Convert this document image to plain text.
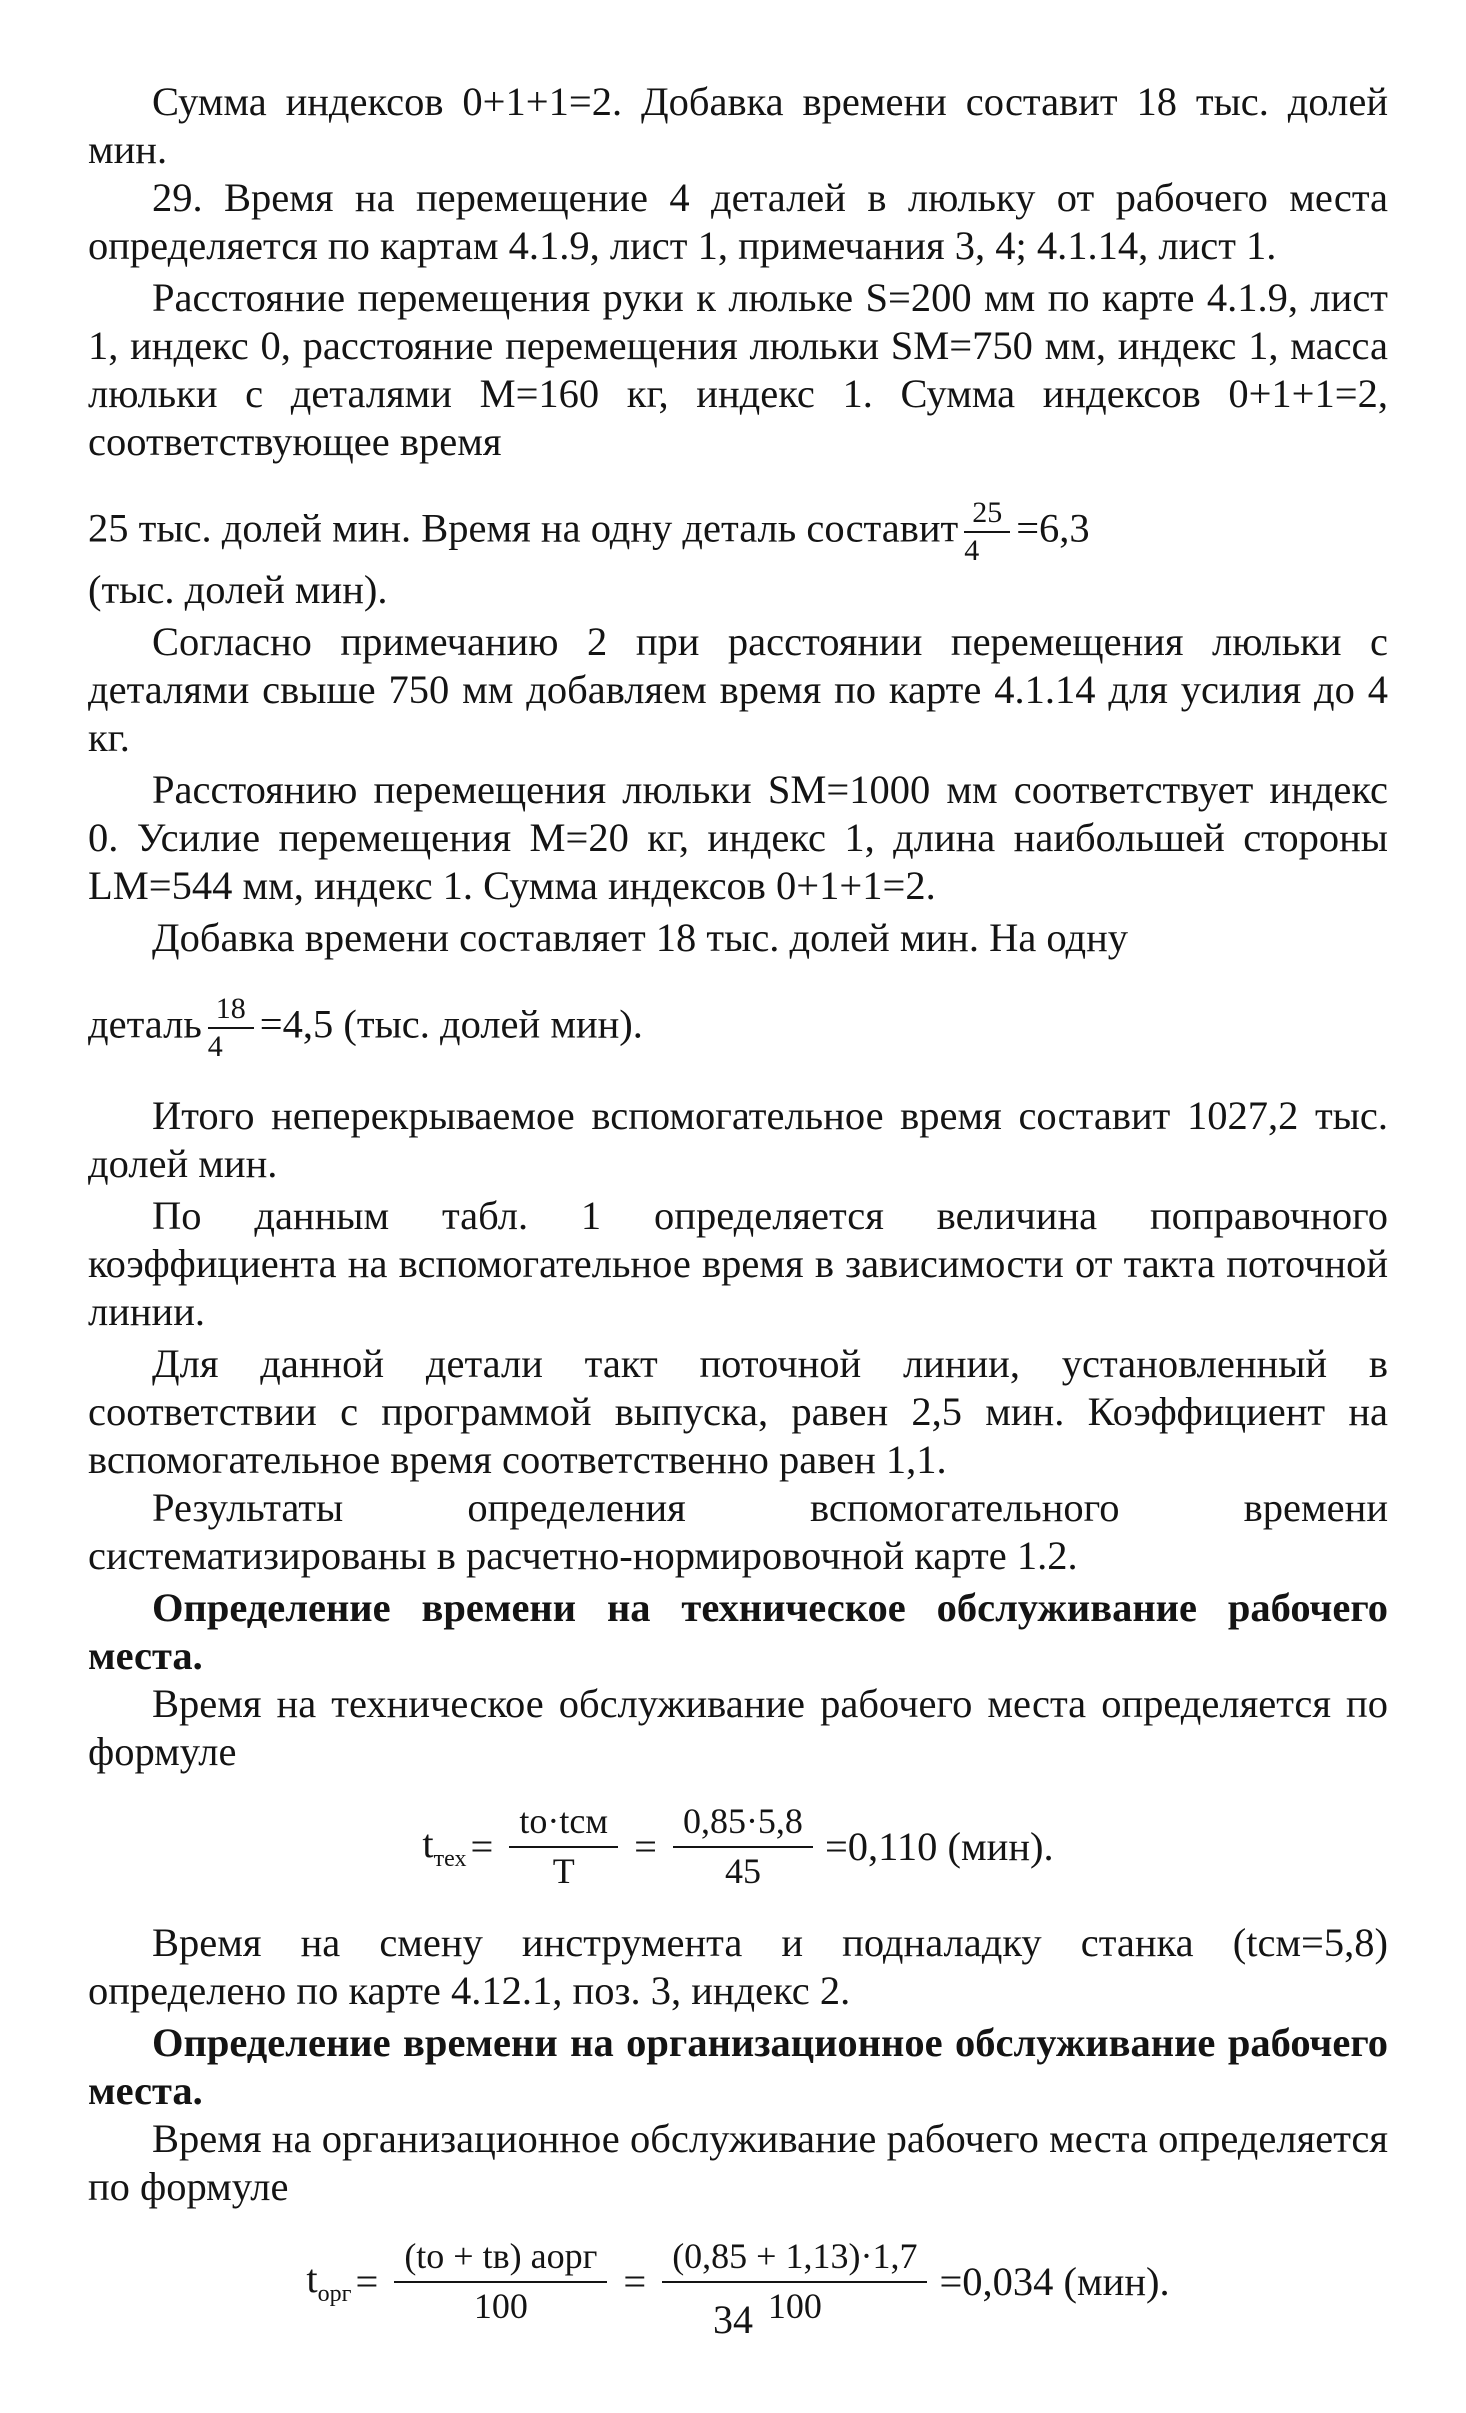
Сумма индексов 0+1+1=2. Добавка времени составит 18 тыс. долей мин.

29. Время на перемещение 4 деталей в люльку от рабочего места определяется по картам 4.1.9, лист 1, примечания 3, 4; 4.1.14, лист 1.

Расстояние перемещения руки к люльке S=200 мм по карте 4.1.9, лист 1, индекс 0, расстояние перемещения люльки SM=750 мм, индекс 1, масса люльки с деталями M=160 кг, индекс 1. Сумма индексов 0+1+1=2, соответствующее время

25 тыс. долей мин. Время на одну деталь составит $\frac{25}{4} =6,3$

(тыс. долей мин).

Согласно примечанию 2 при расстоянии перемещения люльки с деталями свыше 750 мм добавляем время по карте 4.1.14 для усилия до 4 кг.

Расстоянию перемещения люльки SM=1000 мм соответствует индекс 0. Усилие перемещения M=20 кг, индекс 1, длина наибольшей стороны LM=544 мм, индекс 1. Сумма индексов 0+1+1=2.

Добавка времени составляет 18 тыс. долей мин. На одну

деталь $\frac{18}{4} =4,5$ (тыс. долей мин).

Итого неперекрываемое вспомогательное время составит 1027,2 тыс. долей мин.

По данным табл. 1 определяется величина поправочного коэффициента на вспомогательное время в зависимости от такта поточной линии.

Для данной детали такт поточной линии, установленный в соответствии с программой выпуска, равен 2,5 мин. Коэффициент на вспомогательное время соответственно равен 1,1.

Результаты определения вспомогательного времени систематизированы в расчетно-нормировочной карте 1.2.

Определение времени на техническое обслуживание рабочего места.

Время на техническое обслуживание рабочего места определяется по формуле

$t_{тех}$ =
tо·tсм
T
= $\frac{0,85\cdot 5,8}{45} =0,110$ (мин).

Время на смену инструмента и подналадку станка (tсм=5,8) определено по карте 4.12.1, поз. 3, индекс 2.

Определение времени на организационное обслуживание рабочего места.

Время на организационное обслуживание рабочего места определяется по формуле

$t_{орг}$ =
(tо + tв) aорг
100
= $\frac{(0,85 + 1,13)\cdot 1,7}{100} =0,034$ (мин).
34
